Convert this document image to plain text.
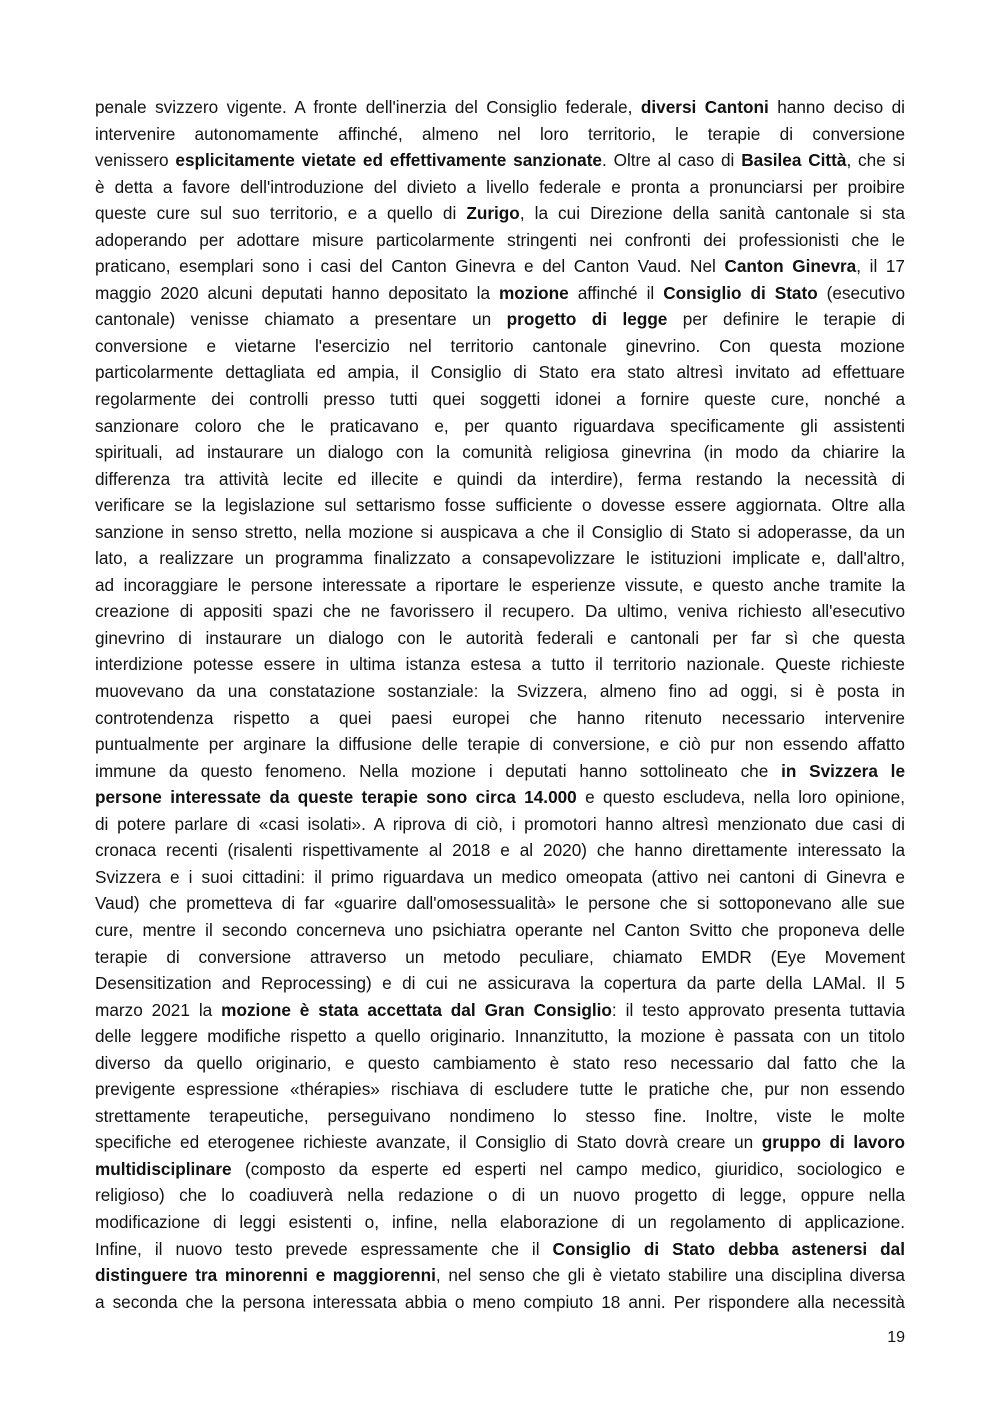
penale svizzero vigente. A fronte dell'inerzia del Consiglio federale, diversi Cantoni hanno deciso di
intervenire autonomamente affinché, almeno nel loro territorio, le terapie di conversione
venissero esplicitamente vietate ed effettivamente sanzionate. Oltre al caso di Basilea Città, che si
è detta a favore dell'introduzione del divieto a livello federale e pronta a pronunciarsi per proibire
queste cure sul suo territorio, e a quello di Zurigo, la cui Direzione della sanità cantonale si sta
adoperando per adottare misure particolarmente stringenti nei confronti dei professionisti che le
praticano, esemplari sono i casi del Canton Ginevra e del Canton Vaud. Nel Canton Ginevra, il 17
maggio 2020 alcuni deputati hanno depositato la mozione affinché il Consiglio di Stato (esecutivo
cantonale) venisse chiamato a presentare un progetto di legge per definire le terapie di
conversione e vietarne l'esercizio nel territorio cantonale ginevrino. Con questa mozione
particolarmente dettagliata ed ampia, il Consiglio di Stato era stato altresì invitato ad effettuare
regolarmente dei controlli presso tutti quei soggetti idonei a fornire queste cure, nonché a
sanzionare coloro che le praticavano e, per quanto riguardava specificamente gli assistenti
spirituali, ad instaurare un dialogo con la comunità religiosa ginevrina (in modo da chiarire la
differenza tra attività lecite ed illecite e quindi da interdire), ferma restando la necessità di
verificare se la legislazione sul settarismo fosse sufficiente o dovesse essere aggiornata. Oltre alla
sanzione in senso stretto, nella mozione si auspicava a che il Consiglio di Stato si adoperasse, da un
lato, a realizzare un programma finalizzato a consapevolizzare le istituzioni implicate e, dall'altro,
ad incoraggiare le persone interessate a riportare le esperienze vissute, e questo anche tramite la
creazione di appositi spazi che ne favorissero il recupero. Da ultimo, veniva richiesto all'esecutivo
ginevrino di instaurare un dialogo con le autorità federali e cantonali per far sì che questa
interdizione potesse essere in ultima istanza estesa a tutto il territorio nazionale. Queste richieste
muovevano da una constatazione sostanziale: la Svizzera, almeno fino ad oggi, si è posta in
controtendenza rispetto a quei paesi europei che hanno ritenuto necessario intervenire
puntualmente per arginare la diffusione delle terapie di conversione, e ciò pur non essendo affatto
immune da questo fenomeno. Nella mozione i deputati hanno sottolineato che in Svizzera le
persone interessate da queste terapie sono circa 14.000 e questo escludeva, nella loro opinione,
di potere parlare di «casi isolati». A riprova di ciò, i promotori hanno altresì menzionato due casi di
cronaca recenti (risalenti rispettivamente al 2018 e al 2020) che hanno direttamente interessato la
Svizzera e i suoi cittadini: il primo riguardava un medico omeopata (attivo nei cantoni di Ginevra e
Vaud) che prometteva di far «guarire dall'omosessualità» le persone che si sottoponevano alle sue
cure, mentre il secondo concerneva uno psichiatra operante nel Canton Svitto che proponeva delle
terapie di conversione attraverso un metodo peculiare, chiamato EMDR (Eye Movement
Desensitization and Reprocessing) e di cui ne assicurava la copertura da parte della LAMal. Il 5
marzo 2021 la mozione è stata accettata dal Gran Consiglio: il testo approvato presenta tuttavia
delle leggere modifiche rispetto a quello originario. Innanzitutto, la mozione è passata con un titolo
diverso da quello originario, e questo cambiamento è stato reso necessario dal fatto che la
previgente espressione «thérapies» rischiava di escludere tutte le pratiche che, pur non essendo
strettamente terapeutiche, perseguivano nondimeno lo stesso fine. Inoltre, viste le molte
specifiche ed eterogenee richieste avanzate, il Consiglio di Stato dovrà creare un gruppo di lavoro
multidisciplinare (composto da esperte ed esperti nel campo medico, giuridico, sociologico e
religioso) che lo coadiuverà nella redazione o di un nuovo progetto di legge, oppure nella
modificazione di leggi esistenti o, infine, nella elaborazione di un regolamento di applicazione.
Infine, il nuovo testo prevede espressamente che il Consiglio di Stato debba astenersi dal
distinguere tra minorenni e maggiorenni, nel senso che gli è vietato stabilire una disciplina diversa
a seconda che la persona interessata abbia o meno compiuto 18 anni. Per rispondere alla necessità
19
